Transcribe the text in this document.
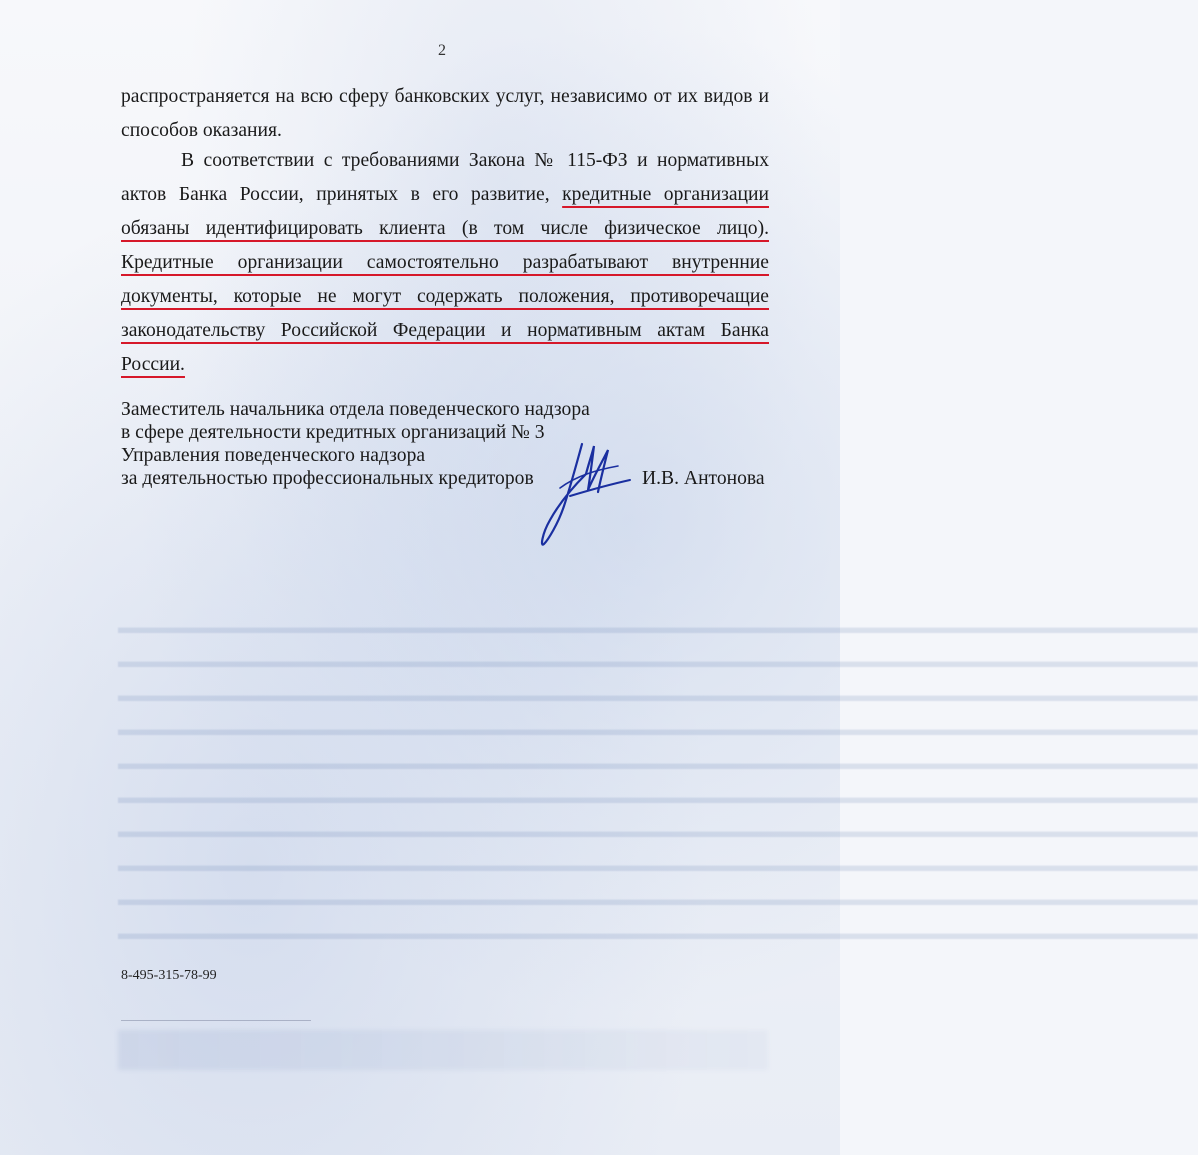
▬▬▬▬▬▬▬▬▬▬▬▬▬▬▬▬▬▬▬▬▬▬▬▬▬▬▬▬▬▬▬▬▬▬▬▬▬▬▬▬▬▬▬▬▬▬▬▬▬▬▬▬▬▬▬▬▬▬▬▬ ▬▬▬▬▬▬▬▬▬▬▬▬▬▬▬▬▬▬▬▬▬▬▬▬▬▬▬▬▬▬▬▬▬▬▬▬▬▬▬▬▬▬▬▬▬▬▬▬▬▬▬▬▬▬▬▬▬▬▬▬ ▬▬▬▬▬▬▬▬▬▬▬▬▬▬▬▬▬▬▬▬▬▬▬▬▬▬▬▬▬▬▬▬▬▬▬▬▬▬▬▬▬▬▬▬▬▬▬▬▬▬▬▬▬▬▬▬▬▬▬▬ ▬▬▬▬▬▬▬▬▬▬▬▬▬▬▬▬▬▬▬▬▬▬▬▬▬▬▬▬▬▬▬▬▬▬▬▬▬▬▬▬▬▬▬▬▬▬▬▬▬▬▬▬▬▬▬▬▬▬▬▬ ▬▬▬▬▬▬▬▬▬▬▬▬▬▬▬▬▬▬▬▬▬▬▬▬▬▬▬▬▬▬▬▬▬▬▬▬▬▬▬▬▬▬▬▬▬▬▬▬▬▬▬▬▬▬▬▬▬▬▬▬ ▬▬▬▬▬▬▬▬▬▬▬▬▬▬▬▬▬▬▬▬▬▬▬▬▬▬▬▬▬▬▬▬▬▬▬▬▬▬▬▬▬▬▬▬▬▬▬▬▬▬▬▬▬▬▬▬▬▬▬▬ ▬▬▬▬▬▬▬▬▬▬▬▬▬▬▬▬▬▬▬▬▬▬▬▬▬▬▬▬▬▬▬▬▬▬▬▬▬▬▬▬▬▬▬▬▬▬▬▬▬▬▬▬▬▬▬▬▬▬▬▬ ▬▬▬▬▬▬▬▬▬▬▬▬▬▬▬▬▬▬▬▬▬▬▬▬▬▬▬▬▬▬▬▬▬▬▬▬▬▬▬▬▬▬▬▬▬▬▬▬▬▬▬▬▬▬▬▬▬▬▬▬ ▬▬▬▬▬▬▬▬▬▬▬▬▬▬▬▬▬▬▬▬▬▬▬▬▬▬▬▬▬▬▬▬▬▬▬▬▬▬▬▬▬▬▬▬▬▬▬▬▬▬▬▬▬▬▬▬▬▬▬▬ ▬▬▬▬▬▬▬▬▬▬▬▬▬▬▬▬▬▬▬▬▬▬▬▬▬▬▬▬▬▬▬▬▬▬▬▬▬▬▬▬▬▬▬▬▬▬▬▬▬▬▬▬▬▬▬▬▬▬▬▬
2

распространяется на всю сферу банковских услуг, независимо от их видов и способов оказания.

В соответствии с требованиями Закона № 115-ФЗ и нормативных актов Банка России, принятых в его развитие, кредитные организации обязаны идентифицировать клиента (в том числе физическое лицо). Кредитные организации самостоятельно разрабатывают внутренние документы, которые не могут содержать положения, противоречащие законодательству Российской Федерации и нормативным актам Банка России.

Заместитель начальника отдела поведенческого надзора
в сфере деятельности кредитных организаций № 3
Управления поведенческого надзора
за деятельностью профессиональных кредиторов	И.В. Антонова
8-495-315-78-99
